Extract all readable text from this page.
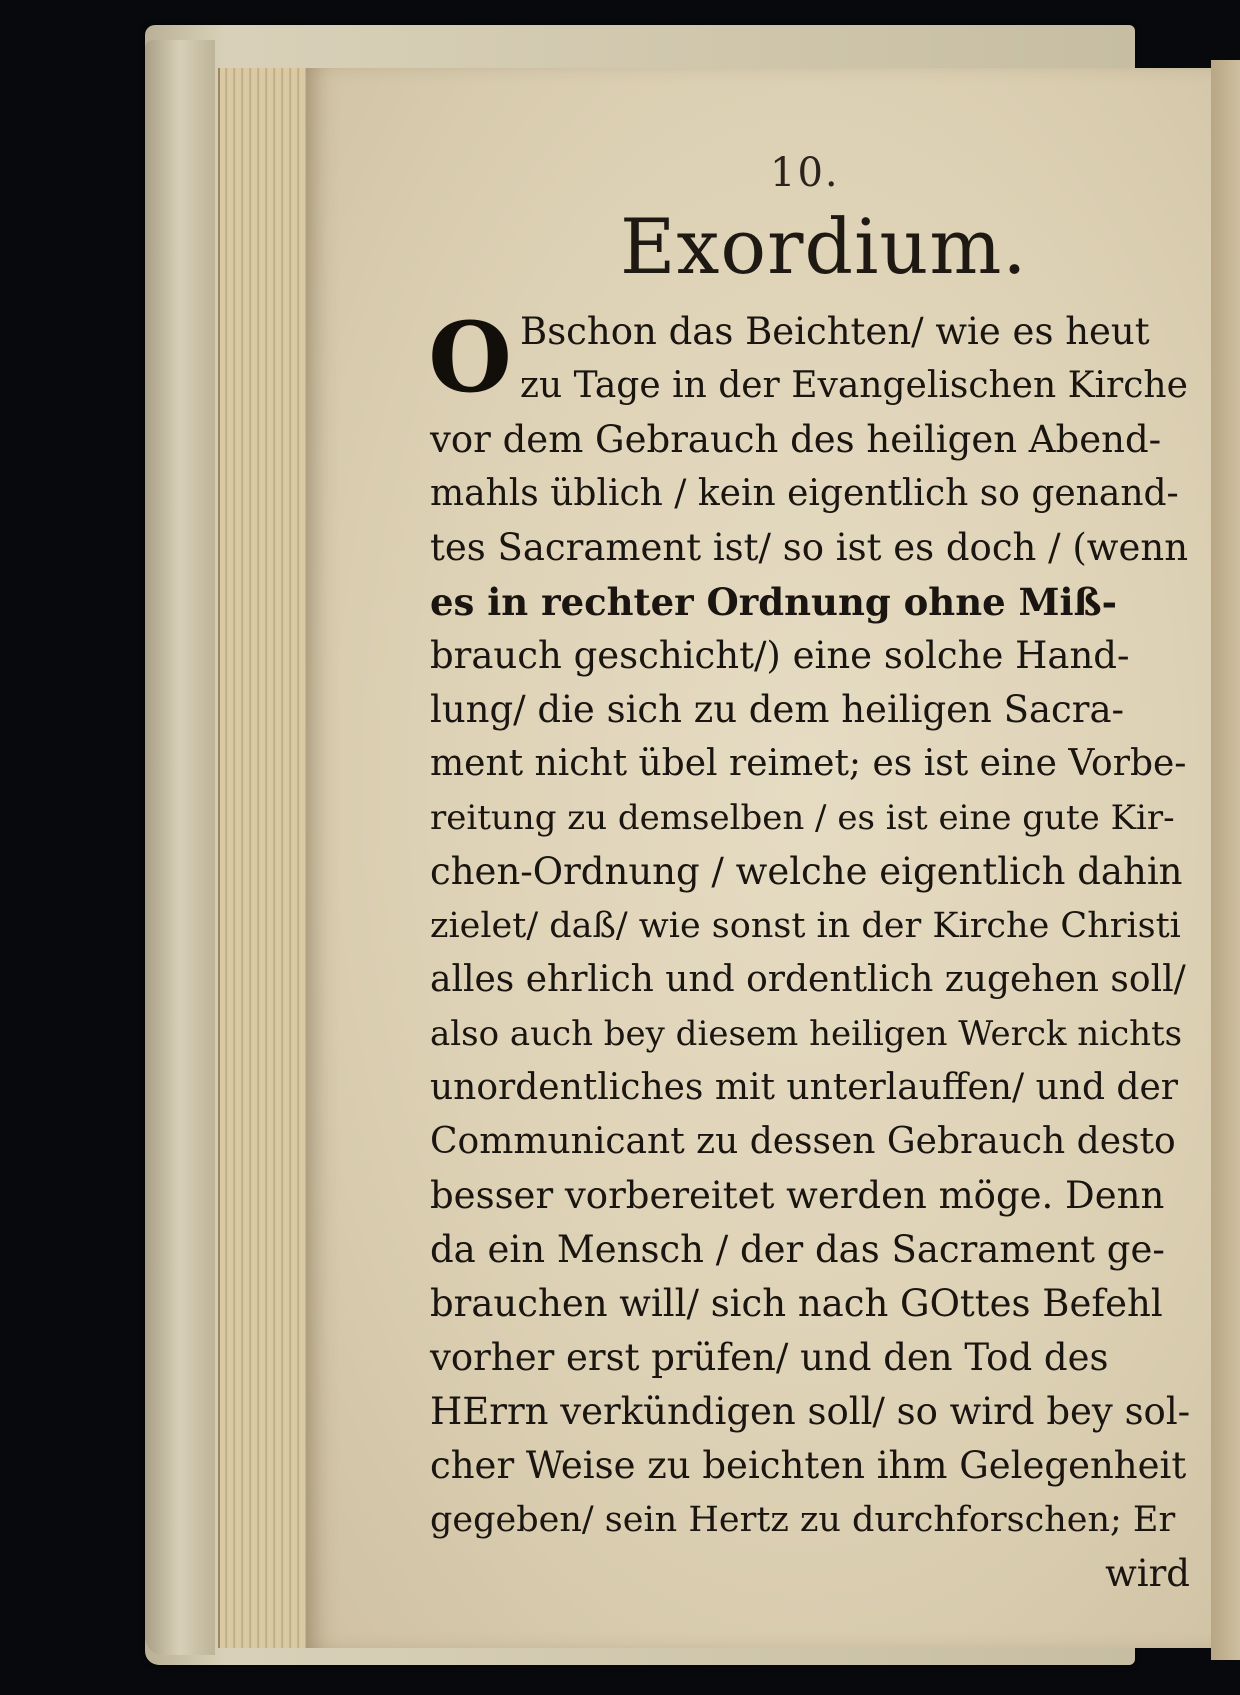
10.
Exordium.
O Bschon das Beichten/ wie es heut
zu Tage in der Evangelischen Kirche
vor dem Gebrauch des heiligen Abend-
mahls üblich / kein eigentlich so genand-
tes Sacrament ist/ so ist es doch / (wenn
es in rechter Ordnung ohne Miß-
brauch geschicht/) eine solche Hand-
lung/ die sich zu dem heiligen Sacra-
ment nicht übel reimet; es ist eine Vorbe-
reitung zu demselben / es ist eine gute Kir-
chen-Ordnung / welche eigentlich dahin
zielet/ daß/ wie sonst in der Kirche Christi
alles ehrlich und ordentlich zugehen soll/
also auch bey diesem heiligen Werck nichts
unordentliches mit unterlauffen/ und der
Communicant zu dessen Gebrauch desto
besser vorbereitet werden möge. Denn
da ein Mensch / der das Sacrament ge-
brauchen will/ sich nach GOttes Befehl
vorher erst prüfen/ und den Tod des
HErrn verkündigen soll/ so wird bey sol-
cher Weise zu beichten ihm Gelegenheit
gegeben/ sein Hertz zu durchforschen; Er
wird
